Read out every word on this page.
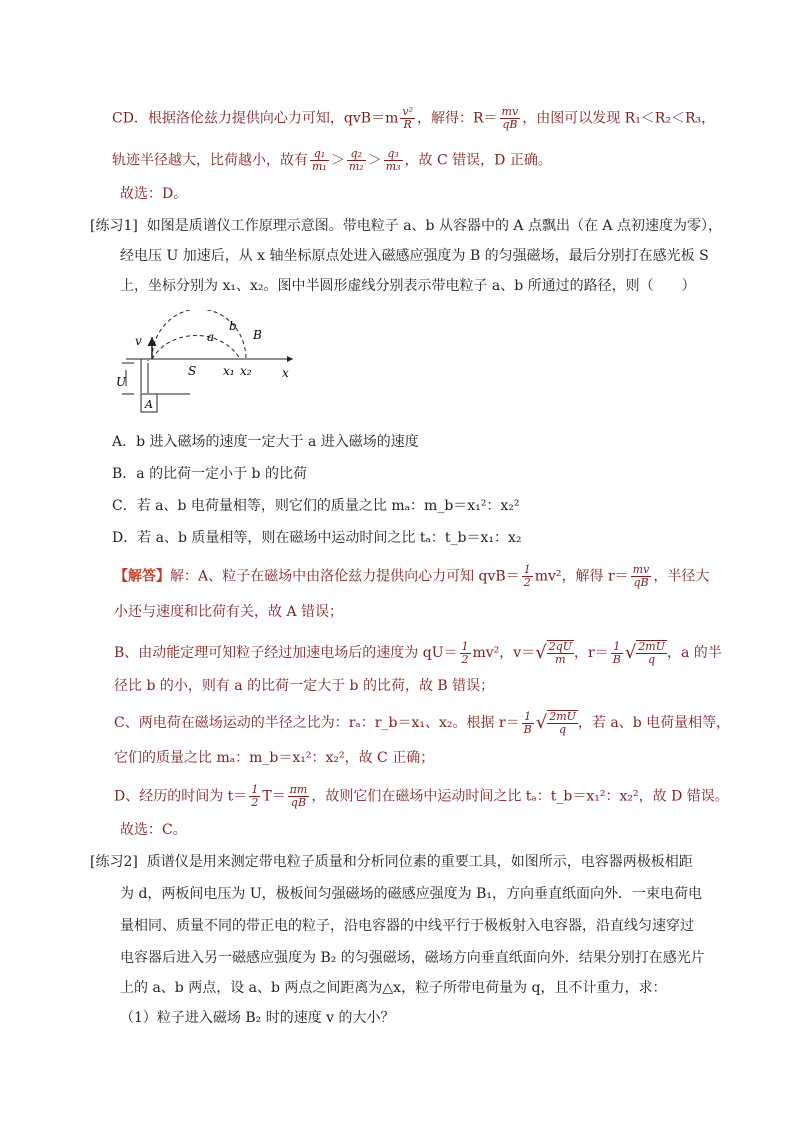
CD．根据洛伦兹力提供向心力可知，$qvB=m \frac{\text{v²}}{R}$ ，解得：$R= \frac{mv}{qB}$ ，由图可以发现 R₁＜R₂＜R₃，
轨迹半径越大，比荷越小，故有 $\frac{\text{q₁}}{\text{m₁}} > \frac{\text{q₂}}{\text{m₂}} > \frac{\text{q₃}}{\text{m₃}}$ ，故 C 错误，D 正确。
故选：D。
[练习1] 如图是质谱仪工作原理示意图。带电粒子 a、b 从容器中的 A 点飘出（在 A 点初速度为零），
经电压 U 加速后，从 x 轴坐标原点处进入磁感应强度为 B 的匀强磁场，最后分别打在感光板 S
上，坐标分别为 x₁、x₂。图中半圆形虚线分别表示带电粒子 a、b 所通过的路径，则（　　）
v	a
b
B
U
S x₁ x₂	x
A
A．b 进入磁场的速度一定大于 a 进入磁场的速度
B．a 的比荷一定小于 b 的比荷
C．若 a、b 电荷量相等，则它们的质量之比 mₐ：m_b＝x₁²：x₂²
D．若 a、b 质量相等，则在磁场中运动时间之比 tₐ：t_b＝x₁：x₂
【解答】解：A、粒子在磁场中由洛伦兹力提供向心力可知 $qvB= \frac{1}{2} mv^2$，解得 $r= \frac{mv}{qB}$ ，半径大
小还与速度和比荷有关，故 A 错误；
B、由动能定理可知粒子经过加速电场后的速度为 $qU= \frac{1}{2} mv^2$，$v=√ \frac{2qU}{m}$ ，$r= \frac{1}{B}$ √ $\frac{2mU}{q}$ ，a 的半
径比 b 的小，则有 a 的比荷一定大于 b 的比荷，故 B 错误；
C、两电荷在磁场运动的半径之比为：rₐ：r_b＝x₁、x₂。根据 $r= \frac{1}{B}$ √ $\frac{2mU}{q}$ ，若 a、b 电荷量相等，
它们的质量之比 mₐ：m_b＝x₁²：x₂²，故 C 正确；
D、经历的时间为 $t= \frac{1}{2} T= \frac{\pi m}{qB}$ ，故则它们在磁场中运动时间之比 tₐ：t_b＝x₁²：x₂²，故 D 错误。
故选：C。
[练习2] 质谱仪是用来测定带电粒子质量和分析同位素的重要工具，如图所示，电容器两极板相距
为 d，两板间电压为 U，极板间匀强磁场的磁感应强度为 B₁，方向垂直纸面向外．一束电荷电
量相同、质量不同的带正电的粒子，沿电容器的中线平行于极板射入电容器，沿直线匀速穿过
电容器后进入另一磁感应强度为 B₂ 的匀强磁场，磁场方向垂直纸面向外．结果分别打在感光片
上的 a、b 两点，设 a、b 两点之间距离为△x，粒子所带电荷量为 q，且不计重力，求：
（1）粒子进入磁场 B₂ 时的速度 v 的大小？
